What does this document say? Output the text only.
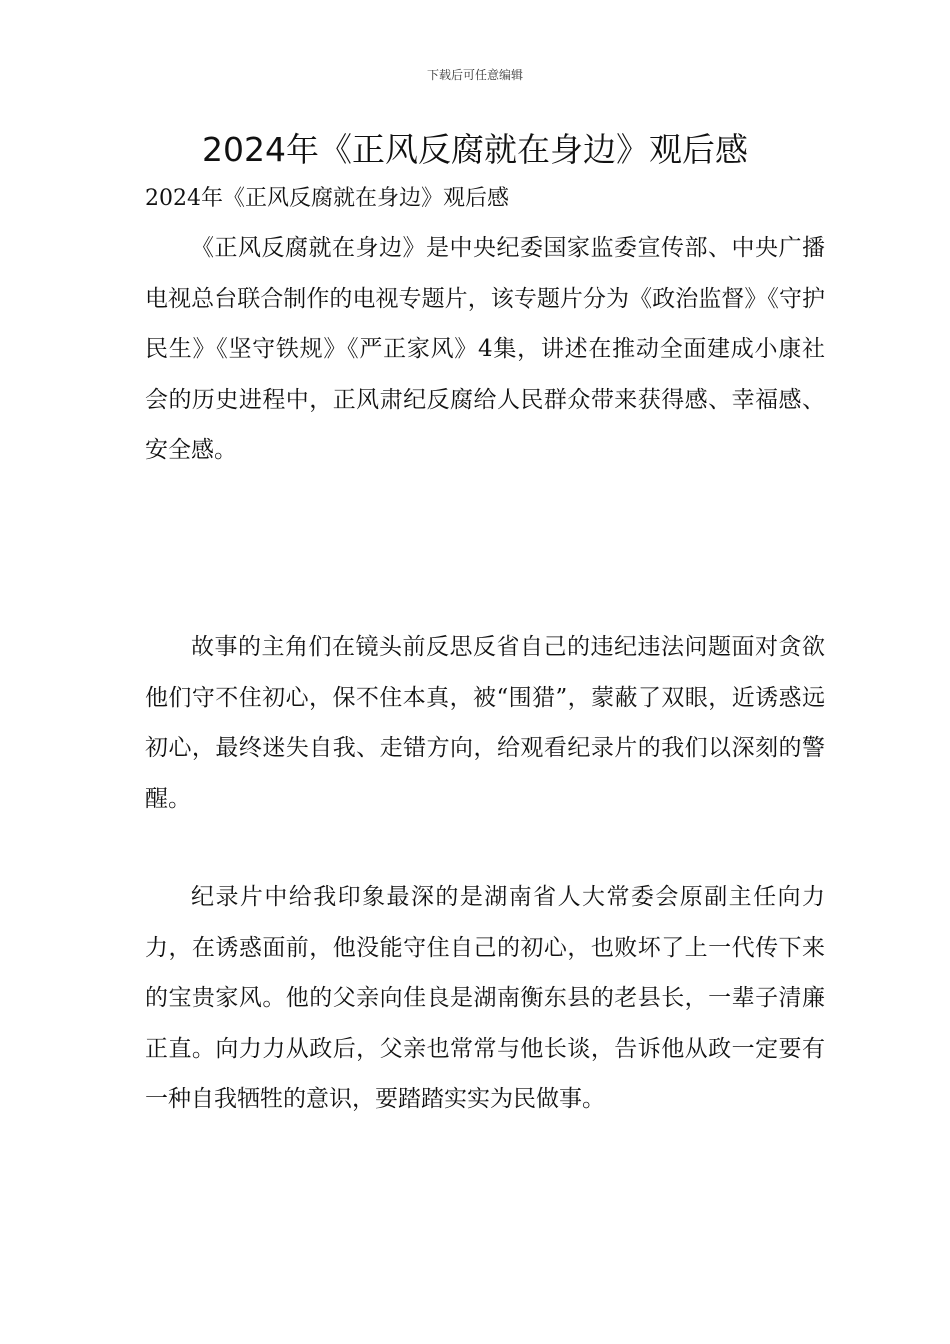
下载后可任意编辑
2024年《正风反腐就在身边》观后感

2024年《正风反腐就在身边》观后感

《正风反腐就在身边》是中央纪委国家监委宣传部、中央广播电视总台联合制作的电视专题片，该专题片分为《政治监督》《守护民生》《坚守铁规》《严正家风》4集，讲述在推动全面建成小康社会的历史进程中，正风肃纪反腐给人民群众带来获得感、幸福感、安全感。

故事的主角们在镜头前反思反省自己的违纪违法问题面对贪欲他们守不住初心，保不住本真，被“围猎”，蒙蔽了双眼，近诱惑远初心，最终迷失自我、走错方向，给观看纪录片的我们以深刻的警醒。

纪录片中给我印象最深的是湖南省人大常委会原副主任向力力，在诱惑面前，他没能守住自己的初心，也败坏了上一代传下来的宝贵家风。他的父亲向佳良是湖南衡东县的老县长，一辈子清廉正直。向力力从政后，父亲也常常与他长谈，告诉他从政一定要有一种自我牺牲的意识，要踏踏实实为民做事。
